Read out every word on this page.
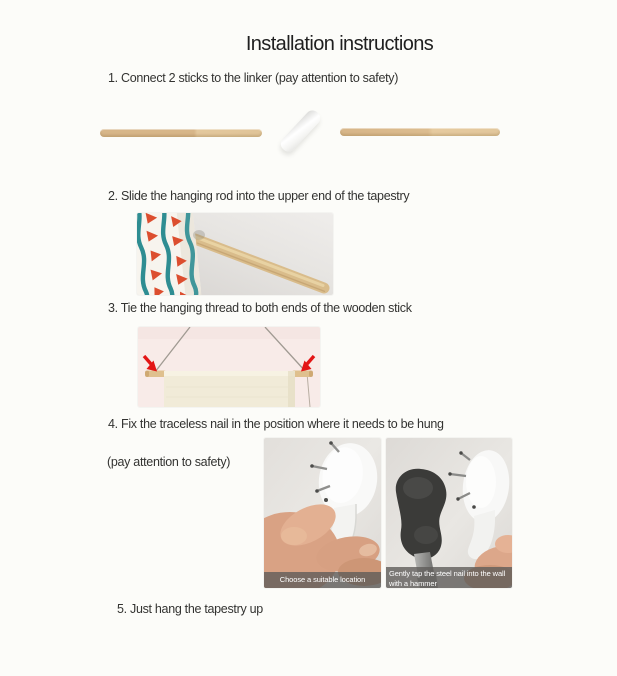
Installation instructions
1. Connect 2 sticks to the linker (pay attention to safety)
2. Slide the hanging rod into the upper end of the tapestry
3. Tie the hanging thread to both ends of the wooden stick
4. Fix the traceless nail in the position where it needs to be hung
(pay attention to safety)
Choose a suitable location
Gently tap the steel nail into the wall with a hammer
5. Just hang the tapestry up
